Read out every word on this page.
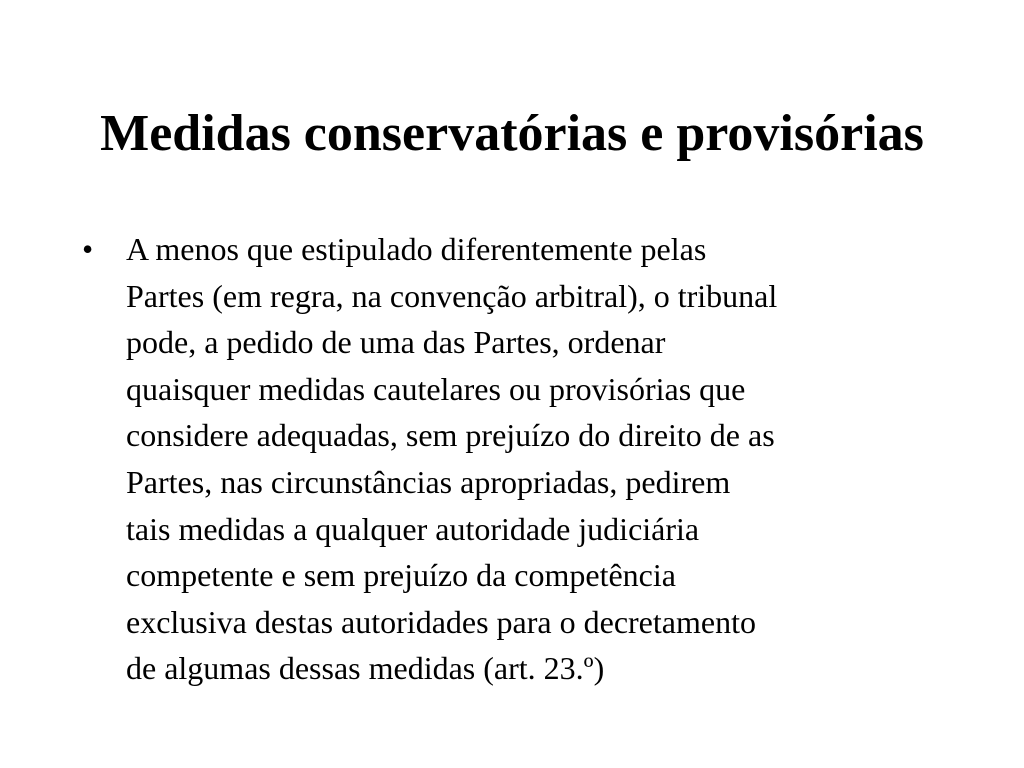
Medidas conservatórias e provisórias
•	A menos que estipulado diferentemente pelas
Partes (em regra, na convenção arbitral), o tribunal
pode, a pedido de uma das Partes, ordenar
quaisquer medidas cautelares ou provisórias que
considere adequadas, sem prejuízo do direito de as
Partes, nas circunstâncias apropriadas, pedirem
tais medidas a qualquer autoridade judiciária
competente e sem prejuízo da competência
exclusiva destas autoridades para o decretamento
de algumas dessas medidas (art. 23.º)
